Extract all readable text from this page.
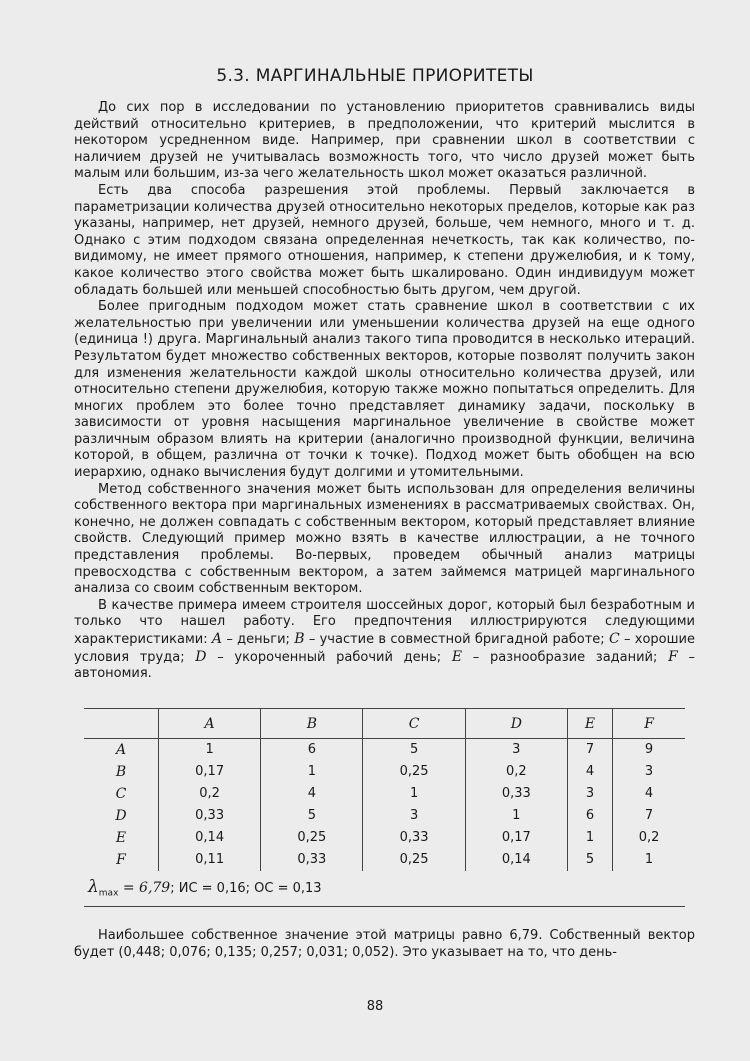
5.3. МАРГИНАЛЬНЫЕ ПРИОРИТЕТЫ

До сих пор в исследовании по установлению приоритетов сравнивались виды действий относительно критериев, в предположении, что критерий мыслится в некотором усредненном виде. Например, при сравнении школ в соответствии с наличием друзей не учитывалась возможность того, что число друзей может быть малым или большим, из-за чего желательность школ может оказаться различной.

Есть два способа разрешения этой проблемы. Первый заключается в параметризации количества друзей относительно некоторых пределов, которые как раз указаны, например, нет друзей, немного друзей, больше, чем немного, много и т. д. Однако с этим подходом связана определенная нечеткость, так как количество, по-видимому, не имеет прямого отношения, например, к степени дружелюбия, и к тому, какое количество этого свойства может быть шкалировано. Один индивидуум может обладать большей или меньшей способностью быть другом, чем другой.

Более пригодным подходом может стать сравнение школ в соответствии с их желательностью при увеличении или уменьшении количества друзей на еще одного (единица !) друга. Маргинальный анализ такого типа проводится в несколько итераций. Результатом будет множество собственных векторов, которые позволят получить закон для изменения желательности каждой школы относительно количества друзей, или относительно степени дружелюбия, которую также можно попытаться определить. Для многих проблем это более точно представляет динамику задачи, поскольку в зависимости от уровня насыщения маргинальное увеличение в свойстве может различным образом влиять на критерии (аналогично производной функции, величина которой, в общем, различна от точки к точке). Подход может быть обобщен на всю иерархию, однако вычисления будут долгими и утомительными.

Метод собственного значения может быть использован для определения величины собственного вектора при маргинальных изменениях в рассматриваемых свойствах. Он, конечно, не должен совпадать с собственным вектором, который представляет влияние свойств. Следующий пример можно взять в качестве иллюстрации, а не точного представления проблемы. Во-первых, проведем обычный анализ матрицы превосходства с собственным вектором, а затем займемся матрицей маргинального анализа со своим собственным вектором.

В качестве примера имеем строителя шоссейных дорог, который был безработным и только что нашел работу. Его предпочтения иллюстрируются следующими характеристиками: A – деньги; B – участие в совместной бригадной работе; C – хорошие условия труда; D – укороченный рабочий день; E – разнообразие заданий; F – автономия.

	A	B	C	D	E	F
A	1	6	5	3	7	9
B	0,17	1	0,25	0,2	4	3
C	0,2	4	1	0,33	3	4
D	0,33	5	3	1	6	7
E	0,14	0,25	0,33	0,17	1	0,2
F	0,11	0,33	0,25	0,14	5	1
$\lambda_{max} = 6,79$; ИС = 0,16; ОС = 0,13

Наибольшее собственное значение этой матрицы равно 6,79. Собственный вектор будет (0,448; 0,076; 0,135; 0,257; 0,031; 0,052). Это указывает на то, что день-

88
